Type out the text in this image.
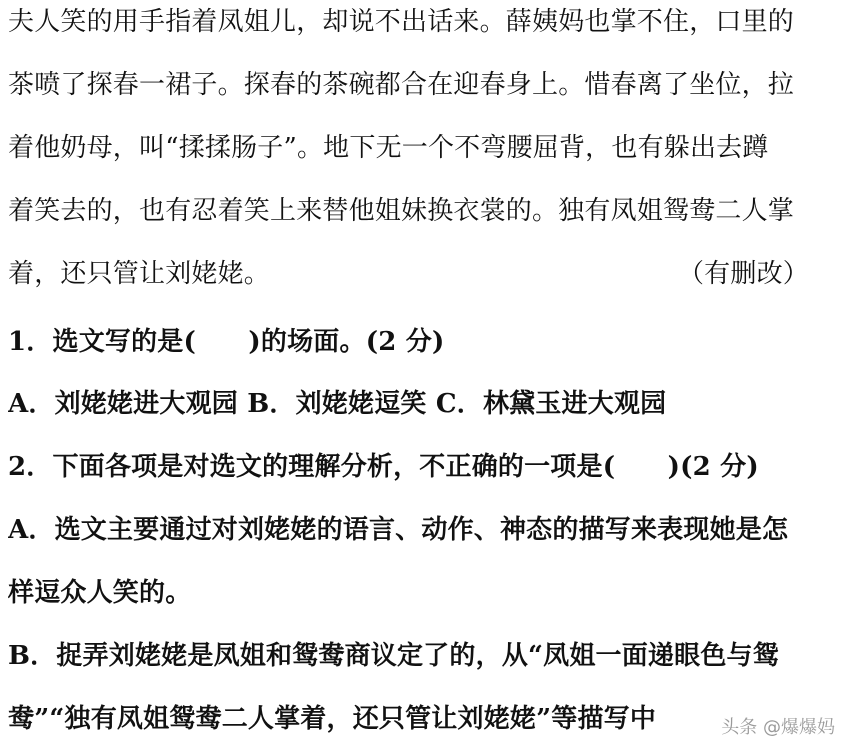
夫人笑的用手指着凤姐儿，却说不出话来。薛姨妈也掌不住，口里的
茶喷了探春一裙子。探春的茶碗都合在迎春身上。惜春离了坐位，拉
着他奶母，叫“揉揉肠子”。地下无一个不弯腰屈背，也有躲出去蹲
着笑去的，也有忍着笑上来替他姐妹换衣裳的。独有凤姐鸳鸯二人掌
着，还只管让刘姥姥。	（有删改）
1．选文写的是(　　)的场面。(2 分)
A．刘姥姥进大观园 B．刘姥姥逗笑 C．林黛玉进大观园
2．下面各项是对选文的理解分析，不正确的一项是(　　)(2 分)
A．选文主要通过对刘姥姥的语言、动作、神态的描写来表现她是怎
样逗众人笑的。
B．捉弄刘姥姥是凤姐和鸳鸯商议定了的，从“凤姐一面递眼色与鸳
鸯”“独有凤姐鸳鸯二人掌着，还只管让刘姥姥”等描写中	头条 @爆爆妈
